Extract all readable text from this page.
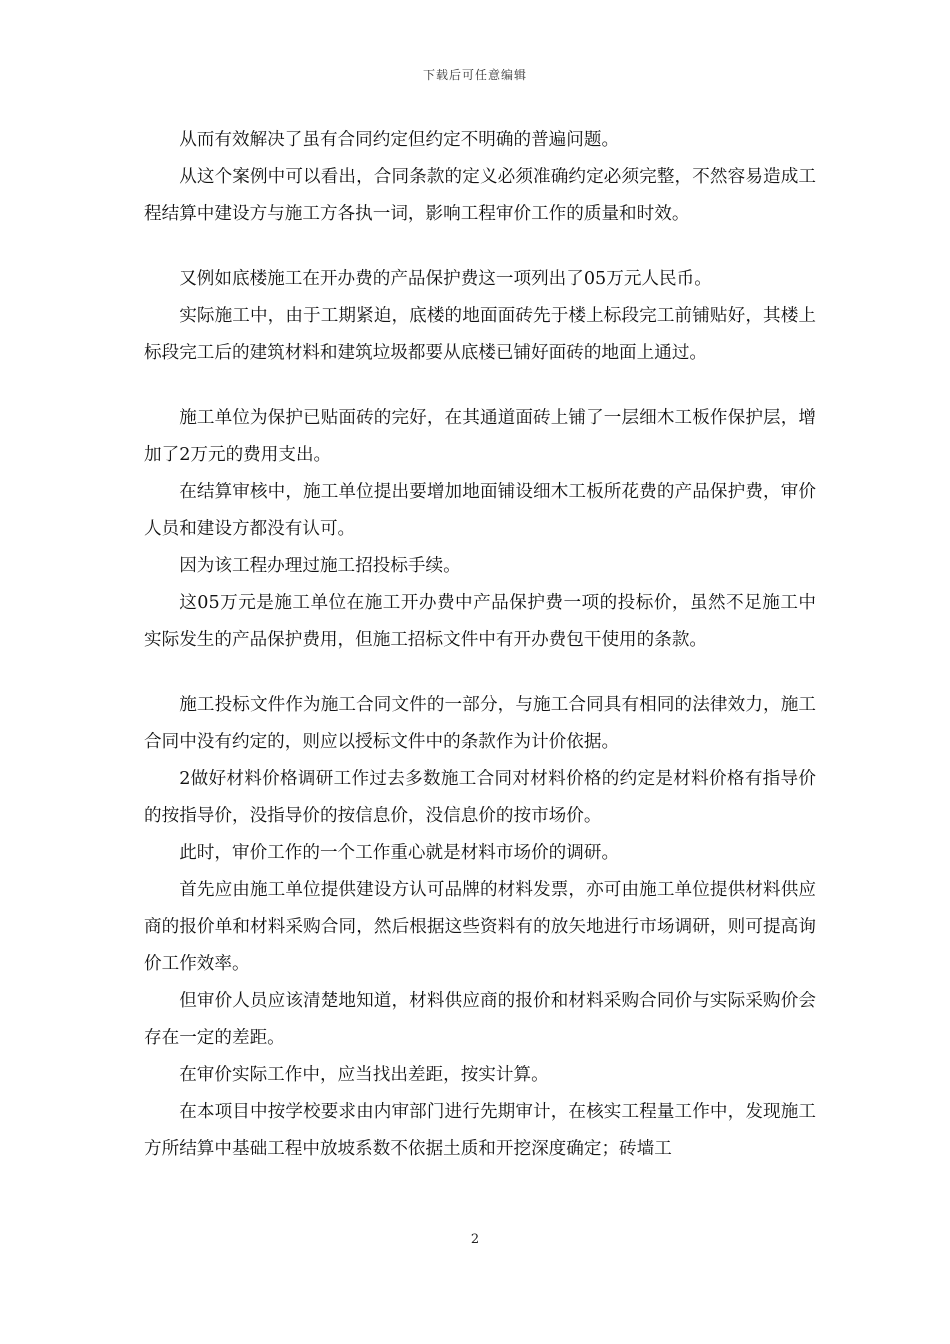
下载后可任意编辑

从而有效解决了虽有合同约定但约定不明确的普遍问题。

从这个案例中可以看出，合同条款的定义必须准确约定必须完整，不然容易造成工程结算中建设方与施工方各执一词，影响工程审价工作的质量和时效。

又例如底楼施工在开办费的产品保护费这一项列出了05万元人民币。

实际施工中，由于工期紧迫，底楼的地面面砖先于楼上标段完工前铺贴好，其楼上标段完工后的建筑材料和建筑垃圾都要从底楼已铺好面砖的地面上通过。

施工单位为保护已贴面砖的完好，在其通道面砖上铺了一层细木工板作保护层，增加了2万元的费用支出。

在结算审核中，施工单位提出要增加地面铺设细木工板所花费的产品保护费，审价人员和建设方都没有认可。

因为该工程办理过施工招投标手续。

这05万元是施工单位在施工开办费中产品保护费一项的投标价，虽然不足施工中实际发生的产品保护费用，但施工招标文件中有开办费包干使用的条款。

施工投标文件作为施工合同文件的一部分，与施工合同具有相同的法律效力，施工合同中没有约定的，则应以授标文件中的条款作为计价依据。

2做好材料价格调研工作过去多数施工合同对材料价格的约定是材料价格有指导价的按指导价，没指导价的按信息价，没信息价的按市场价。

此时，审价工作的一个工作重心就是材料市场价的调研。

首先应由施工单位提供建设方认可品牌的材料发票，亦可由施工单位提供材料供应商的报价单和材料采购合同，然后根据这些资料有的放矢地进行市场调研，则可提高询价工作效率。

但审价人员应该清楚地知道，材料供应商的报价和材料采购合同价与实际采购价会存在一定的差距。

在审价实际工作中，应当找出差距，按实计算。

在本项目中按学校要求由内审部门进行先期审计，在核实工程量工作中，发现施工方所结算中基础工程中放坡系数不依据土质和开挖深度确定；砖墙工

2
